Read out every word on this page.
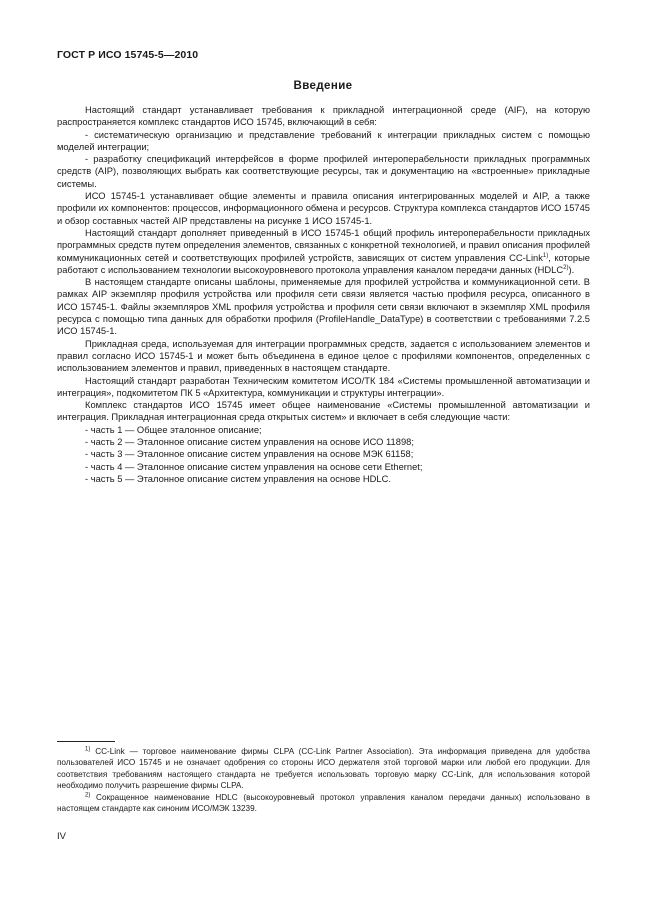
ГОСТ Р ИСО 15745-5—2010
Введение

Настоящий стандарт устанавливает требования к прикладной интеграционной среде (AIF), на которую распространяется комплекс стандартов ИСО 15745, включающий в себя:

- систематическую организацию и представление требований к интеграции прикладных систем с помощью моделей интеграции;

- разработку спецификаций интерфейсов в форме профилей интероперабельности прикладных программных средств (AIP), позволяющих выбрать как соответствующие ресурсы, так и документацию на «встроенные» прикладные системы.

ИСО 15745-1 устанавливает общие элементы и правила описания интегрированных моделей и AIP, а также профили их компонентов: процессов, информационного обмена и ресурсов. Структура комплекса стандартов ИСО 15745 и обзор составных частей AIP представлены на рисунке 1 ИСО 15745-1.

Настоящий стандарт дополняет приведенный в ИСО 15745-1 общий профиль интероперабельности прикладных программных средств путем определения элементов, связанных с конкретной технологией, и правил описания профилей коммуникационных сетей и соответствующих профилей устройств, зависящих от систем управления CC-Link$^{1)}$, которые работают с использованием технологии высокоуровневого протокола управления каналом передачи данных (HDLC$^{2)}$).

В настоящем стандарте описаны шаблоны, применяемые для профилей устройства и коммуникационной сети. В рамках AIP экземпляр профиля устройства или профиля сети связи является частью профиля ресурса, описанного в ИСО 15745-1. Файлы экземпляров XML профиля устройства и профиля сети связи включают в экземпляр XML профиля ресурса с помощью типа данных для обработки профиля (ProfileHandle_DataType) в соответствии с требованиями 7.2.5 ИСО 15745-1.

Прикладная среда, используемая для интеграции программных средств, задается с использованием элементов и правил согласно ИСО 15745-1 и может быть объединена в единое целое с профилями компонентов, определенных с использованием элементов и правил, приведенных в настоящем стандарте.

Настоящий стандарт разработан Техническим комитетом ИСО/ТК 184 «Системы промышленной автоматизации и интеграция», подкомитетом ПК 5 «Архитектура, коммуникации и структуры интеграции».

Комплекс стандартов ИСО 15745 имеет общее наименование «Системы промышленной автоматизации и интеграция. Прикладная интеграционная среда открытых систем» и включает в себя следующие части:

- часть 1 — Общее эталонное описание;

- часть 2 — Эталонное описание систем управления на основе ИСО 11898;

- часть 3 — Эталонное описание систем управления на основе МЭК 61158;

- часть 4 — Эталонное описание систем управления на основе сети Ethernet;

- часть 5 — Эталонное описание систем управления на основе HDLC.

$^{1)}$ CC-Link — торговое наименование фирмы CLPA (CC-Link Partner Association). Эта информация приведена для удобства пользователей ИСО 15745 и не означает одобрения со стороны ИСО держателя этой торговой марки или любой его продукции. Для соответствия требованиям настоящего стандарта не требуется использовать торговую марку CC-Link, для использования которой необходимо получить разрешение фирмы CLPA.

$^{2)}$ Сокращенное наименование HDLC (высокоуровневый протокол управления каналом передачи данных) использовано в настоящем стандарте как синоним ИСО/МЭК 13239.

IV
